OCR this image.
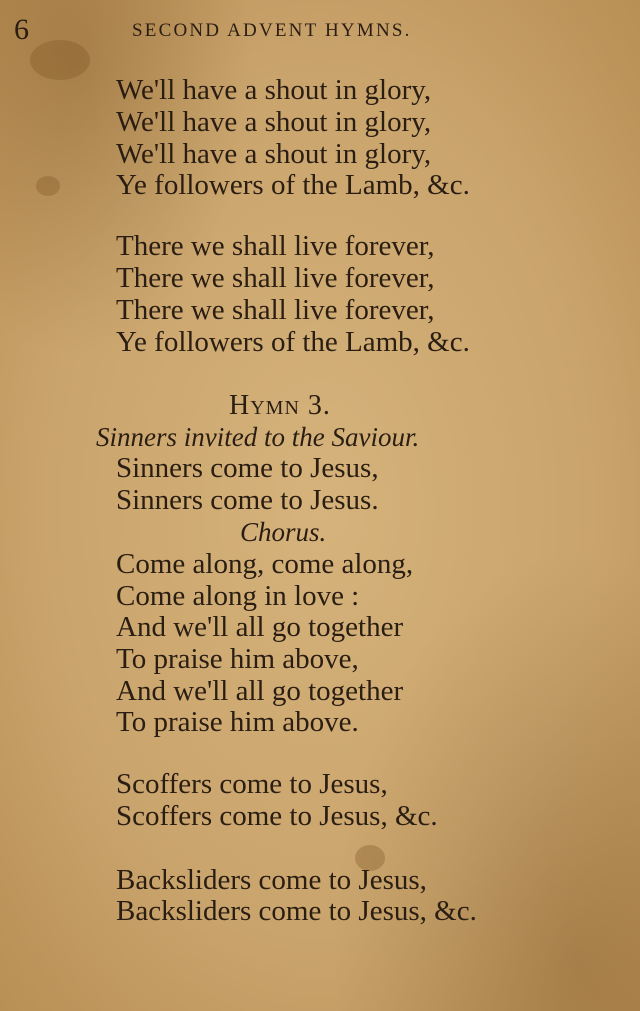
6	SECOND ADVENT HYMNS.
We'll have a shout in glory,
We'll have a shout in glory,
We'll have a shout in glory,
Ye followers of the Lamb, &c.
There we shall live forever,
There we shall live forever,
There we shall live forever,
Ye followers of the Lamb, &c.
Hymn 3.
Sinners invited to the Saviour.
Sinners come to Jesus,
Sinners come to Jesus.
Chorus.
Come along, come along,
Come along in love :
And we'll all go together
To praise him above,
And we'll all go together
To praise him above.
Scoffers come to Jesus,
Scoffers come to Jesus, &c.
Backsliders come to Jesus,
Backsliders come to Jesus, &c.
